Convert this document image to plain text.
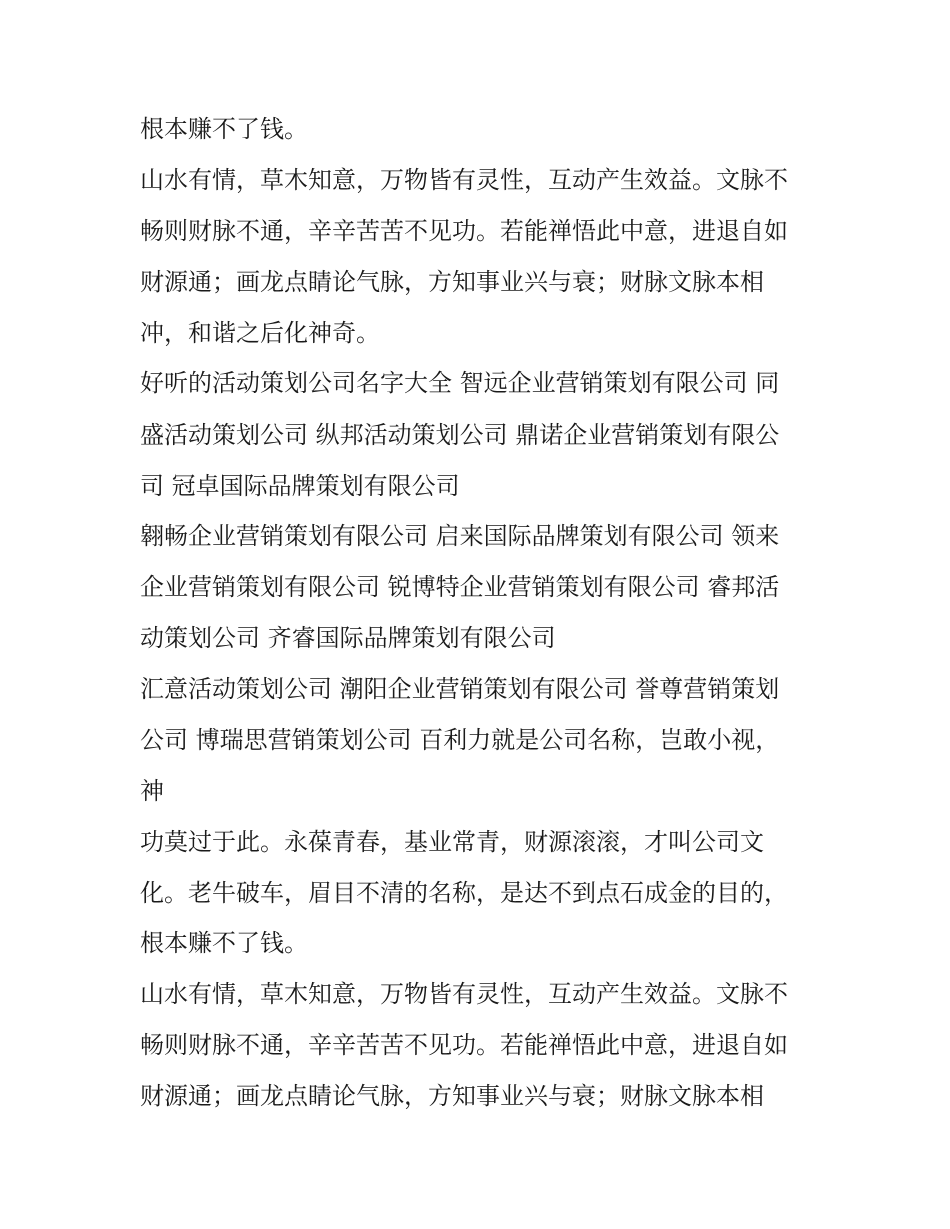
根本赚不了钱。
山水有情，草木知意，万物皆有灵性，互动产生效益。文脉不
畅则财脉不通，辛辛苦苦不见功。若能禅悟此中意，进退自如
财源通；画龙点睛论气脉，方知事业兴与衰；财脉文脉本相
冲，和谐之后化神奇。
好听的活动策划公司名字大全 智远企业营销策划有限公司 同
盛活动策划公司 纵邦活动策划公司 鼎诺企业营销策划有限公
司 冠卓国际品牌策划有限公司
翱畅企业营销策划有限公司 启来国际品牌策划有限公司 领来
企业营销策划有限公司 锐博特企业营销策划有限公司 睿邦活
动策划公司 齐睿国际品牌策划有限公司
汇意活动策划公司 潮阳企业营销策划有限公司 誉尊营销策划
公司 博瑞思营销策划公司 百利力就是公司名称，岂敢小视，
神
功莫过于此。永葆青春，基业常青，财源滚滚，才叫公司文
化。老牛破车，眉目不清的名称，是达不到点石成金的目的，
根本赚不了钱。
山水有情，草木知意，万物皆有灵性，互动产生效益。文脉不
畅则财脉不通，辛辛苦苦不见功。若能禅悟此中意，进退自如
财源通；画龙点睛论气脉，方知事业兴与衰；财脉文脉本相
